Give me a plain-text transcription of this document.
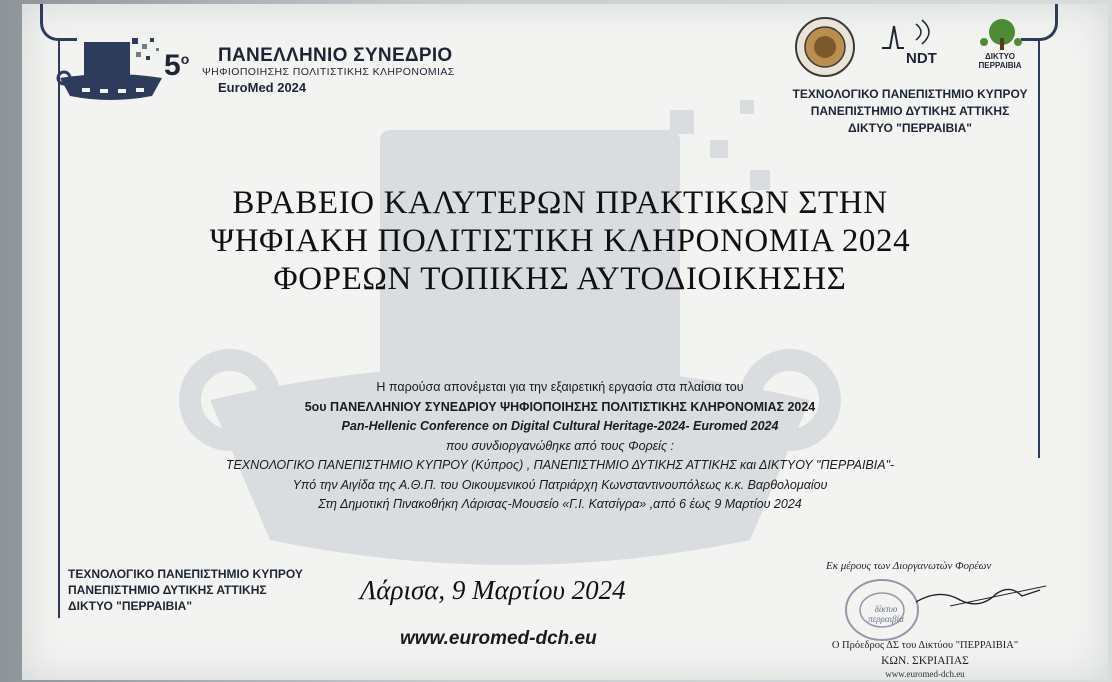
$5^o$ ΠΑΝΕΛΛΗΝΙΟ ΣΥΝΕΔΡΙΟ
ΨΗΦΙΟΠΟΙΗΣΗΣ ΠΟΛΙΤΙΣΤΙΚΗΣ ΚΛΗΡΟΝΟΜΙΑΣ
EuroMed 2024
NDT	ΔΙΚΤΥΟ ΠΕΡΡΑΙΒΙΑ
ΤΕΧΝΟΛΟΓΙΚΟ ΠΑΝΕΠΙΣΤΗΜΙΟ ΚΥΠΡΟΥ
ΠΑΝΕΠΙΣΤΗΜΙΟ ΔΥΤΙΚΗΣ ΑΤΤΙΚΗΣ
ΔΙΚΤΥΟ "ΠΕΡΡΑΙΒΙΑ"
ΒΡΑΒΕΙΟ ΚΑΛΥΤΕΡΩΝ ΠΡΑΚΤΙΚΩΝ ΣΤΗΝ
ΨΗΦΙΑΚΗ ΠΟΛΙΤΙΣΤΙΚΗ ΚΛΗΡΟΝΟΜΙΑ 2024
ΦΟΡΕΩΝ ΤΟΠΙΚΗΣ ΑΥΤΟΔΙΟΙΚΗΣΗΣ
Η παρούσα απονέμεται για την εξαιρετική εργασία στα πλαίσια του
5ου ΠΑΝΕΛΛΗΝΙΟΥ ΣΥΝΕΔΡΙΟΥ ΨΗΦΙΟΠΟΙΗΣΗΣ ΠΟΛΙΤΙΣΤΙΚΗΣ ΚΛΗΡΟΝΟΜΙΑΣ 2024
Pan-Hellenic Conference on Digital Cultural Heritage-2024- Euromed 2024
που συνδιοργανώθηκε από τους Φορείς :
ΤΕΧΝΟΛΟΓΙΚΟ ΠΑΝΕΠΙΣΤΗΜΙΟ ΚΥΠΡΟΥ (Κύπρος) , ΠΑΝΕΠΙΣΤΗΜΙΟ ΔΥΤΙΚΗΣ ΑΤΤΙΚΗΣ και ΔΙΚΤΥΟΥ "ΠΕΡΡΑΙΒΙΑ"-
Υπό την Αιγίδα της Α.Θ.Π. του Οικουμενικού Πατριάρχη Κωνσταντινουπόλεως κ.κ. Βαρθολομαίου
Στη Δημοτική Πινακοθήκη Λάρισας-Μουσείο «Γ.Ι. Κατσίγρα» ,από 6 έως 9 Μαρτίου 2024
ΤΕΧΝΟΛΟΓΙΚΟ ΠΑΝΕΠΙΣΤΗΜΙΟ ΚΥΠΡΟΥ
ΠΑΝΕΠΙΣΤΗΜΙΟ ΔΥΤΙΚΗΣ ΑΤΤΙΚΗΣ
ΔΙΚΤΥΟ "ΠΕΡΡΑΙΒΙΑ"
Λάρισα, 9 Μαρτίου 2024
www.euromed-dch.eu
Εκ μέρους των Διοργανωτών Φορέων
δίκτυο περραιβία
Ο Πρόεδρος ΔΣ του Δικτύου "ΠΕΡΡΑΙΒΙΑ"
ΚΩΝ. ΣΚΡΙΑΠΑΣ
www.euromed-dch.eu
